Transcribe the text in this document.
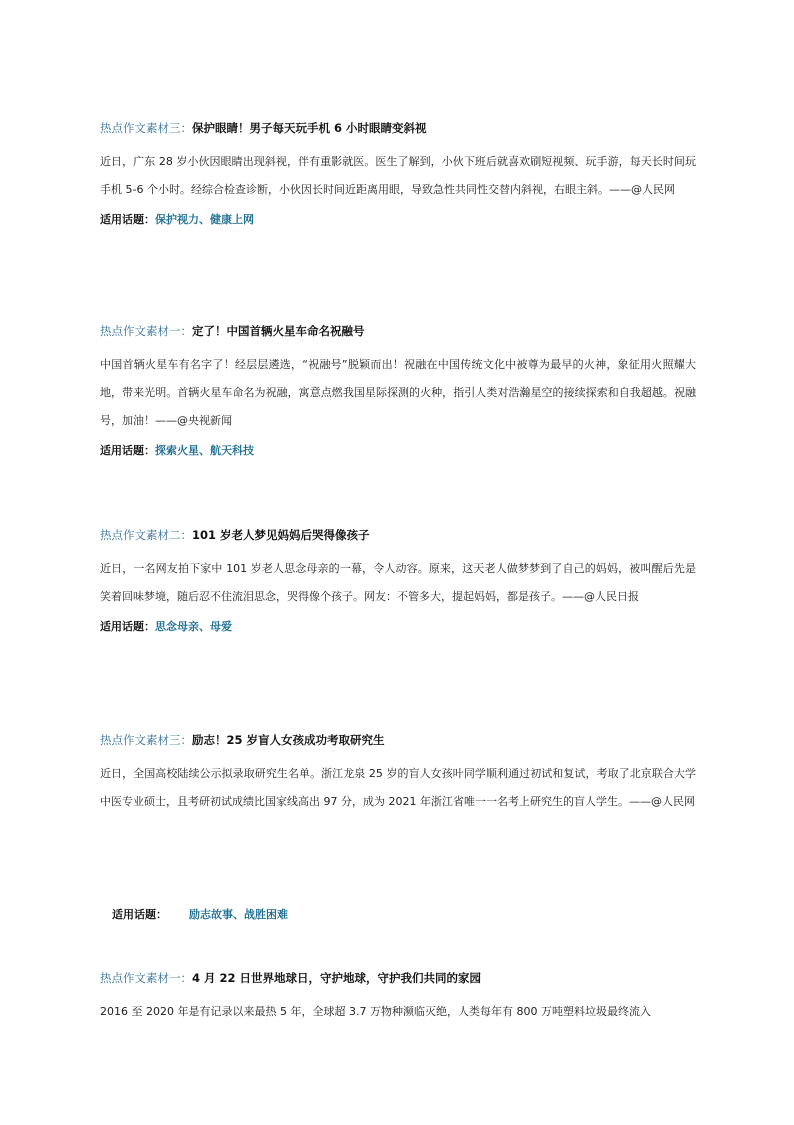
热点作文素材三：保护眼睛！男子每天玩手机 6 小时眼睛变斜视
近日，广东 28 岁小伙因眼睛出现斜视，伴有重影就医。医生了解到，小伙下班后就喜欢刷短视频、玩手游，每天长时间玩手机 5-6 个小时。经综合检查诊断，小伙因长时间近距离用眼，导致急性共同性交替内斜视，右眼主斜。——@人民网
适用话题：保护视力、健康上网
热点作文素材一：定了！中国首辆火星车命名祝融号
中国首辆火星车有名字了！经层层遴选，“祝融号”脱颖而出！祝融在中国传统文化中被尊为最早的火神，象征用火照耀大地，带来光明。首辆火星车命名为祝融，寓意点燃我国星际探测的火种，指引人类对浩瀚星空的接续探索和自我超越。祝融号，加油！——@央视新闻
适用话题：探索火星、航天科技
热点作文素材二：101 岁老人梦见妈妈后哭得像孩子
近日，一名网友拍下家中 101 岁老人思念母亲的一幕，令人动容。原来，这天老人做梦梦到了自己的妈妈，被叫醒后先是笑着回味梦境，随后忍不住流泪思念，哭得像个孩子。网友：不管多大，提起妈妈，都是孩子。——@人民日报
适用话题：思念母亲、母爱
热点作文素材三：励志！25 岁盲人女孩成功考取研究生
近日，全国高校陆续公示拟录取研究生名单。浙江龙泉 25 岁的盲人女孩叶同学顺利通过初试和复试，考取了北京联合大学中医专业硕士，且考研初试成绩比国家线高出 97 分，成为 2021 年浙江省唯一一名考上研究生的盲人学生。——@人民网
适用话题： 励志故事、战胜困难
热点作文素材一：4 月 22 日世界地球日，守护地球，守护我们共同的家园
2016 至 2020 年是有记录以来最热 5 年，全球超 3.7 万物种濒临灭绝，人类每年有 800 万吨塑料垃圾最终流入
